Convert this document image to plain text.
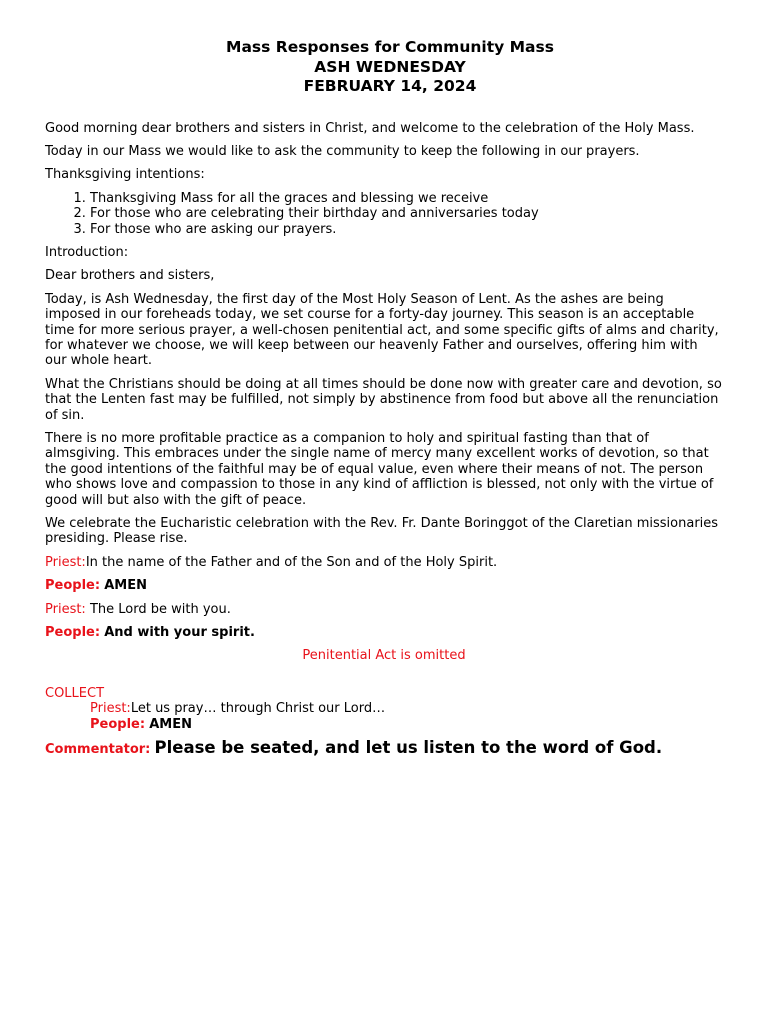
Mass Responses for Community Mass
ASH WEDNESDAY
FEBRUARY 14, 2024

Good morning dear brothers and sisters in Christ, and welcome to the celebration of the Holy Mass.

Today in our Mass we would like to ask the community to keep the following in our prayers.

Thanksgiving intentions:

1. Thanksgiving Mass for all the graces and blessing we receive
2. For those who are celebrating their birthday and anniversaries today
3. For those who are asking our prayers.

Introduction:

Dear brothers and sisters,

Today, is Ash Wednesday, the first day of the Most Holy Season of Lent. As the ashes are being imposed in our foreheads today, we set course for a forty-day journey. This season is an acceptable time for more serious prayer, a well-chosen penitential act, and some specific gifts of alms and charity, for whatever we choose, we will keep between our heavenly Father and ourselves, offering him with our whole heart.

What the Christians should be doing at all times should be done now with greater care and devotion, so that the Lenten fast may be fulfilled, not simply by abstinence from food but above all the renunciation of sin.

There is no more profitable practice as a companion to holy and spiritual fasting than that of almsgiving. This embraces under the single name of mercy many excellent works of devotion, so that the good intentions of the faithful may be of equal value, even where their means of not. The person who shows love and compassion to those in any kind of affliction is blessed, not only with the virtue of good will but also with the gift of peace.

We celebrate the Eucharistic celebration with the Rev. Fr. Dante Boringgot of the Claretian missionaries presiding. Please rise.

Priest:In the name of the Father and of the Son and of the Holy Spirit.

People: AMEN

Priest: The Lord be with you.

People: And with your spirit.

Penitential Act is omitted
COLLECT
Priest:Let us pray… through Christ our Lord…
People: AMEN
Commentator: Please be seated, and let us listen to the word of God.
